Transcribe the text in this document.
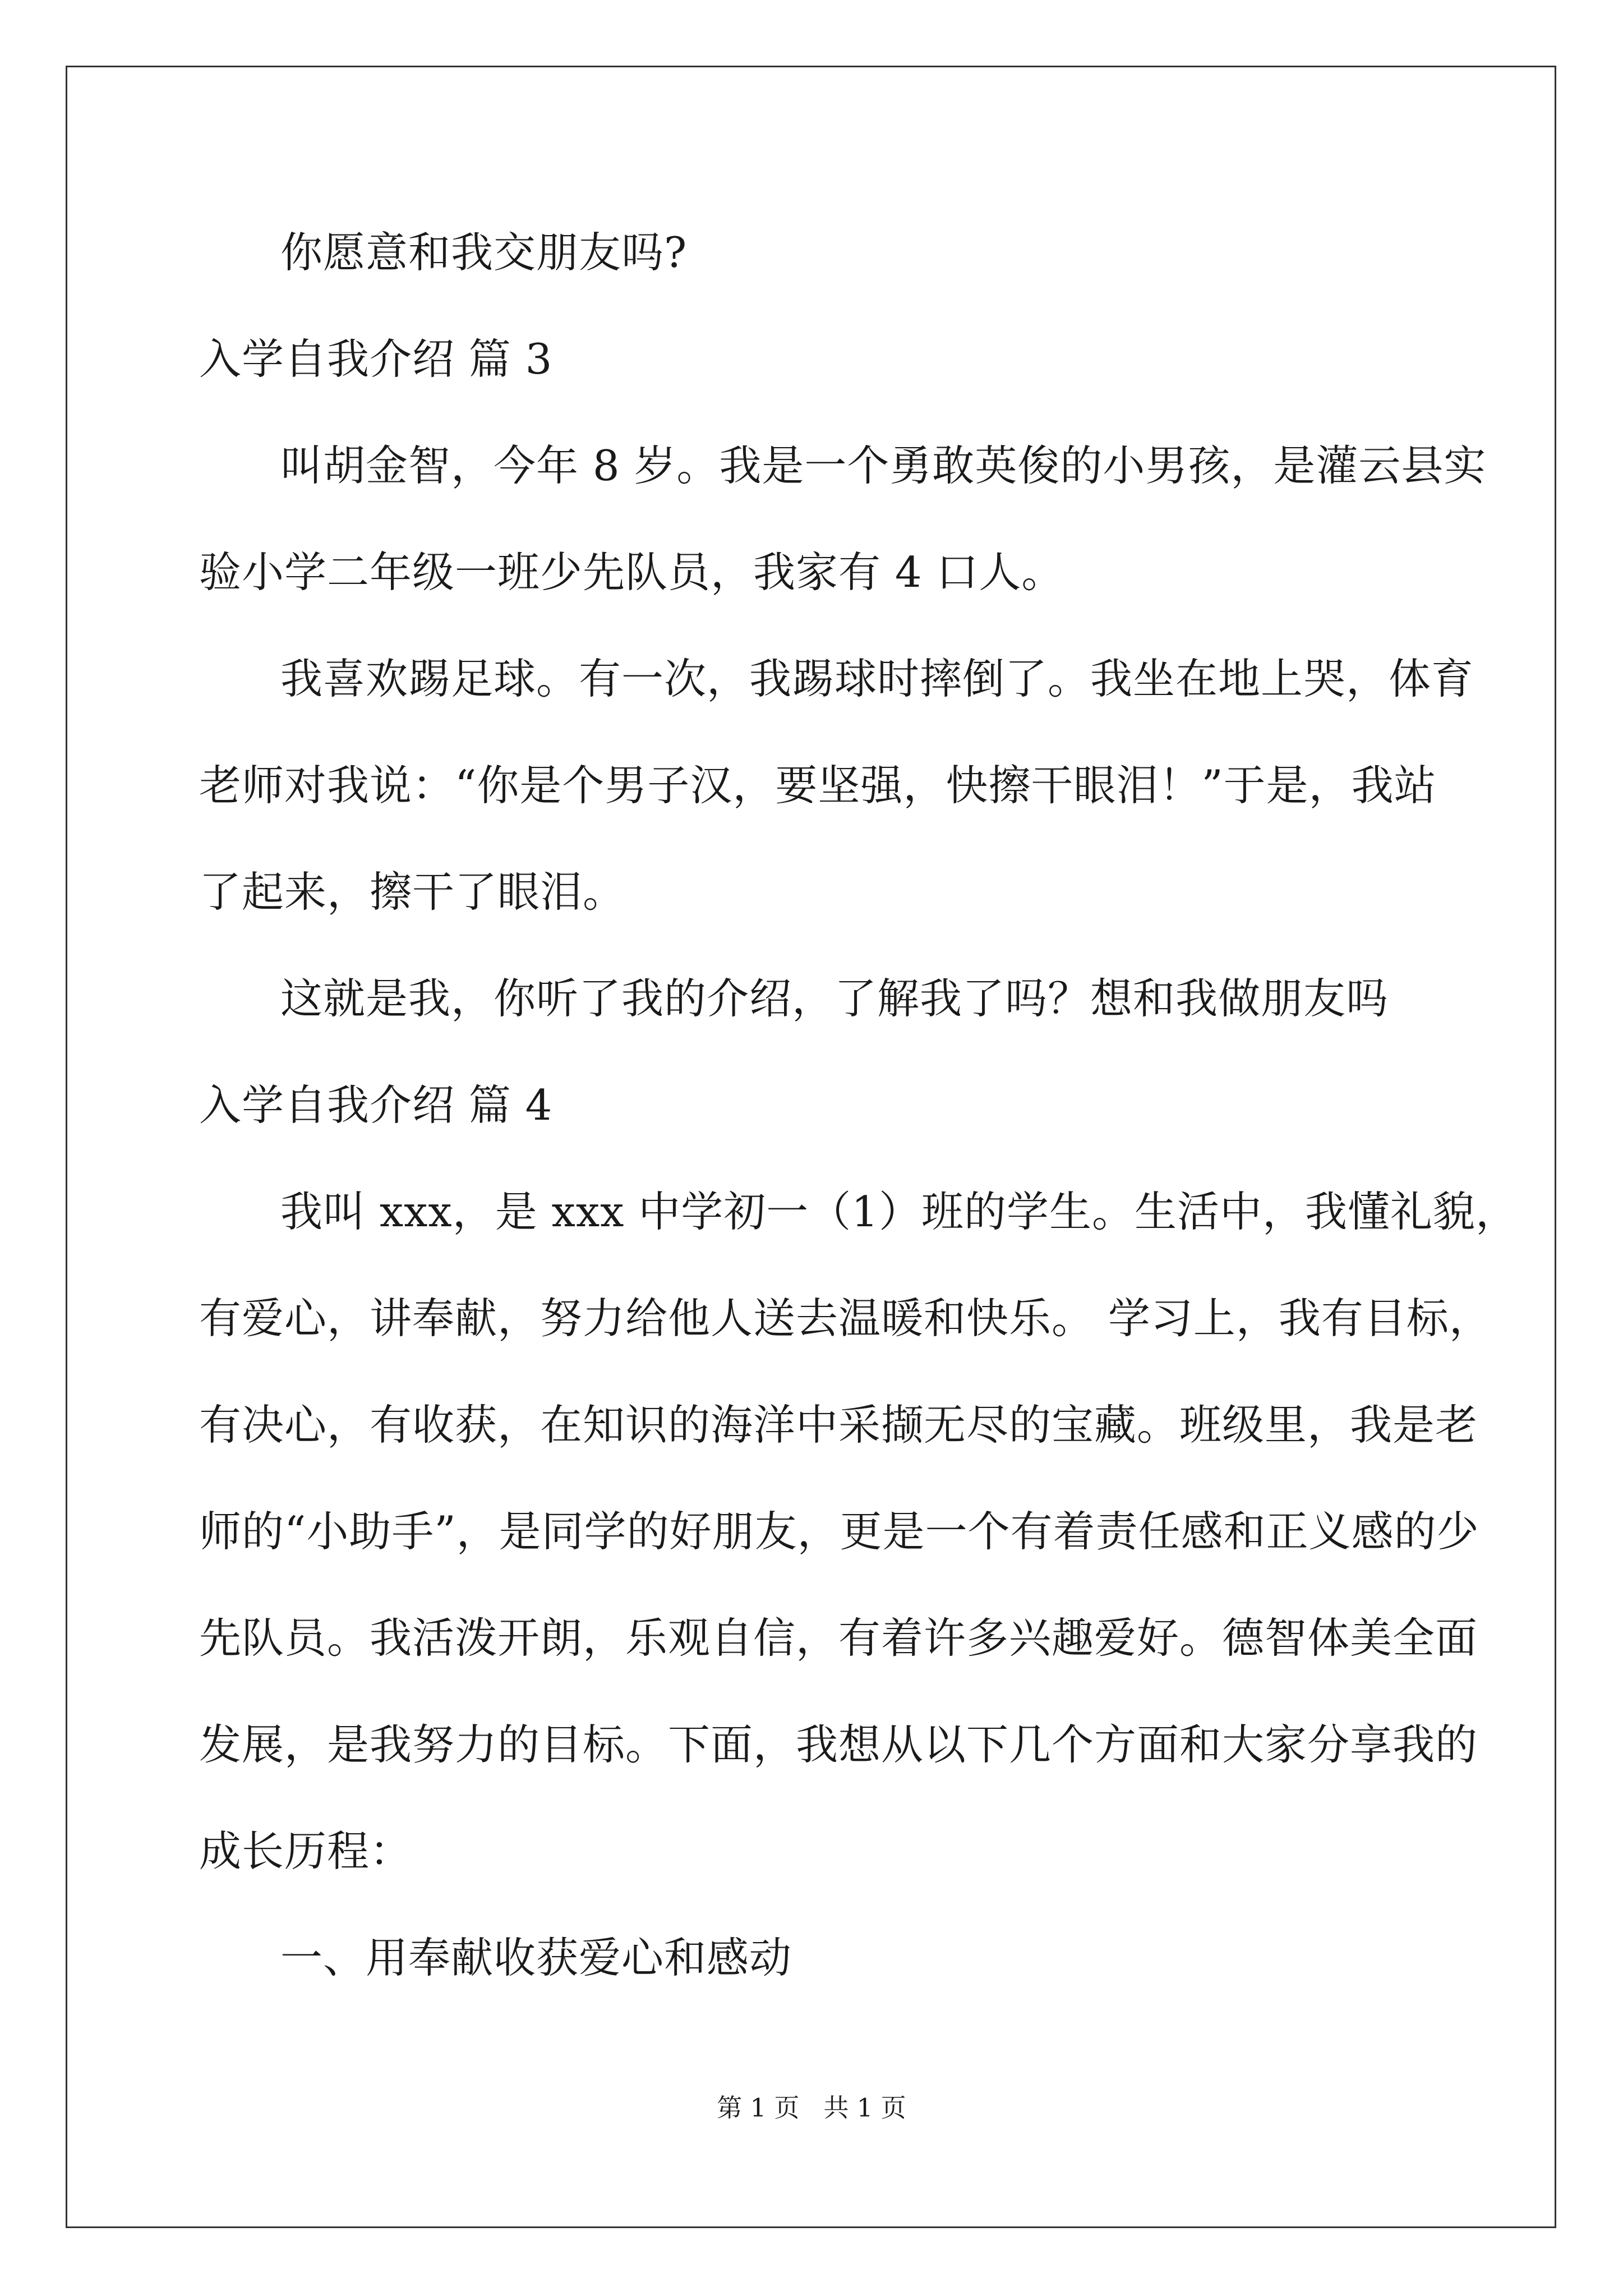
你愿意和我交朋友吗?
入学自我介绍 篇 3
叫胡金智，今年 8 岁。我是一个勇敢英俊的小男孩，是灌云县实
验小学二年级一班少先队员，我家有 4 口人。
我喜欢踢足球。有一次，我踢球时摔倒了。我坐在地上哭，体育
老师对我说：“你是个男子汉，要坚强，快擦干眼泪！”于是，我站
了起来，擦干了眼泪。
这就是我，你听了我的介绍，了解我了吗？想和我做朋友吗
入学自我介绍 篇 4
我叫 xxx，是 xxx 中学初一（1）班的学生。生活中，我懂礼貌，
有爱心，讲奉献，努力给他人送去温暖和快乐。 学习上，我有目标，
有决心，有收获，在知识的海洋中采撷无尽的宝藏。班级里，我是老
师的“小助手”，是同学的好朋友，更是一个有着责任感和正义感的少
先队员。我活泼开朗，乐观自信，有着许多兴趣爱好。德智体美全面
发展，是我努力的目标。下面，我想从以下几个方面和大家分享我的
成长历程：
一、用奉献收获爱心和感动
第 1 页   共 1 页
